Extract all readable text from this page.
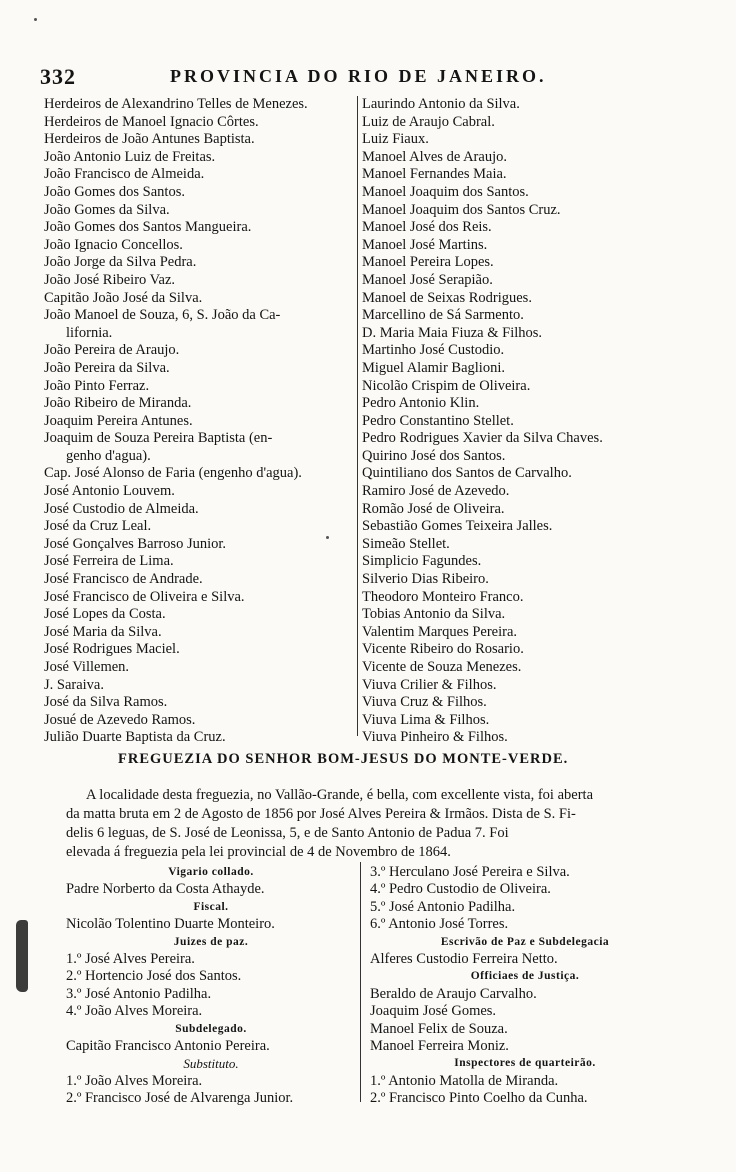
332	PROVINCIA DO RIO DE JANEIRO.
Herdeiros de Alexandrino Telles de Menezes.
Herdeiros de Manoel Ignacio Côrtes.
Herdeiros de João Antunes Baptista.
João Antonio Luiz de Freitas.
João Francisco de Almeida.
João Gomes dos Santos.
João Gomes da Silva.
João Gomes dos Santos Mangueira.
João Ignacio Concellos.
João Jorge da Silva Pedra.
João José Ribeiro Vaz.
Capitão João José da Silva.
João Manoel de Souza, 6, S. João da Ca-
lifornia.
João Pereira de Araujo.
João Pereira da Silva.
João Pinto Ferraz.
João Ribeiro de Miranda.
Joaquim Pereira Antunes.
Joaquim de Souza Pereira Baptista (en-
genho d'agua).
Cap. José Alonso de Faria (engenho d'agua).
José Antonio Louvem.
José Custodio de Almeida.
José da Cruz Leal.
José Gonçalves Barroso Junior.
José Ferreira de Lima.
José Francisco de Andrade.
José Francisco de Oliveira e Silva.
José Lopes da Costa.
José Maria da Silva.
José Rodrigues Maciel.
José Villemen.
J. Saraiva.
José da Silva Ramos.
Josué de Azevedo Ramos.
Julião Duarte Baptista da Cruz.
Laurindo Antonio da Silva.
Luiz de Araujo Cabral.
Luiz Fiaux.
Manoel Alves de Araujo.
Manoel Fernandes Maia.
Manoel Joaquim dos Santos.
Manoel Joaquim dos Santos Cruz.
Manoel José dos Reis.
Manoel José Martins.
Manoel Pereira Lopes.
Manoel José Serapião.
Manoel de Seixas Rodrigues.
Marcellino de Sá Sarmento.
D. Maria Maia Fiuza & Filhos.
Martinho José Custodio.
Miguel Alamir Baglioni.
Nicolão Crispim de Oliveira.
Pedro Antonio Klin.
Pedro Constantino Stellet.
Pedro Rodrigues Xavier da Silva Chaves.
Quirino José dos Santos.
Quintiliano dos Santos de Carvalho.
Ramiro José de Azevedo.
Romão José de Oliveira.
Sebastião Gomes Teixeira Jalles.
Simeão Stellet.
Simplicio Fagundes.
Silverio Dias Ribeiro.
Theodoro Monteiro Franco.
Tobias Antonio da Silva.
Valentim Marques Pereira.
Vicente Ribeiro do Rosario.
Vicente de Souza Menezes.
Viuva Crilier & Filhos.
Viuva Cruz & Filhos.
Viuva Lima & Filhos.
Viuva Pinheiro & Filhos.
FREGUEZIA DO SENHOR BOM-JESUS DO MONTE-VERDE.
A localidade desta freguezia, no Vallão-Grande, é bella, com excellente vista, foi aberta
da matta bruta em 2 de Agosto de 1856 por José Alves Pereira & Irmãos. Dista de S. Fi-
delis 6 leguas, de S. José de Leonissa, 5, e de Santo Antonio de Padua 7. Foi
elevada á freguezia pela lei provincial de 4 de Novembro de 1864.
Vigario collado.
Padre Norberto da Costa Athayde.
Fiscal.
Nicolão Tolentino Duarte Monteiro.
Juizes de paz.
1.º José Alves Pereira.
2.º Hortencio José dos Santos.
3.º José Antonio Padilha.
4.º João Alves Moreira.
Subdelegado.
Capitão Francisco Antonio Pereira.
Substituto.
1.º João Alves Moreira.
2.º Francisco José de Alvarenga Junior.
3.º Herculano José Pereira e Silva.
4.º Pedro Custodio de Oliveira.
5.º José Antonio Padilha.
6.º Antonio José Torres.
Escrivão de Paz e Subdelegacia
Alferes Custodio Ferreira Netto.
Officiaes de Justiça.
Beraldo de Araujo Carvalho.
Joaquim José Gomes.
Manoel Felix de Souza.
Manoel Ferreira Moniz.
Inspectores de quarteirão.
1.º Antonio Matolla de Miranda.
2.º Francisco Pinto Coelho da Cunha.
